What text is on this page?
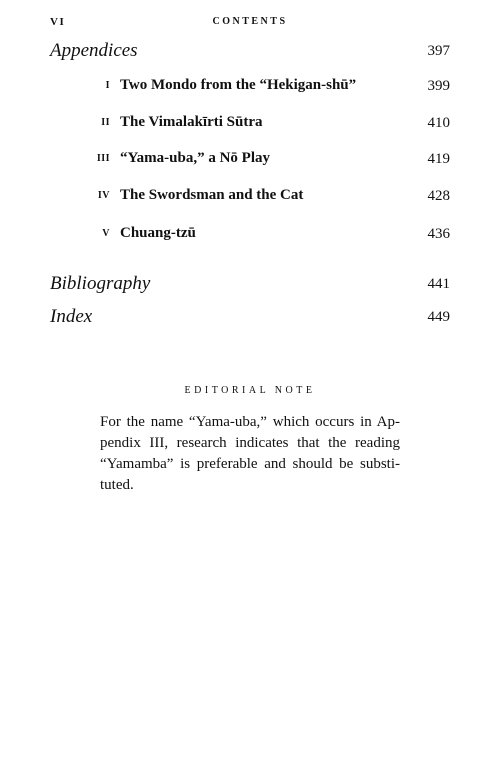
VI	CONTENTS
Appendices	397
I Two Mondo from the “Hekigan-shū”	399
II The Vimalakīrti Sūtra	410
III “Yama-uba,” a Nō Play	419
IV The Swordsman and the Cat	428
V Chuang-tzū	436
Bibliography	441
Index	449
EDITORIAL NOTE

For the name “Yama-uba,” which occurs in Appendix III, research indicates that the reading “Yamamba” is preferable and should be substituted.
